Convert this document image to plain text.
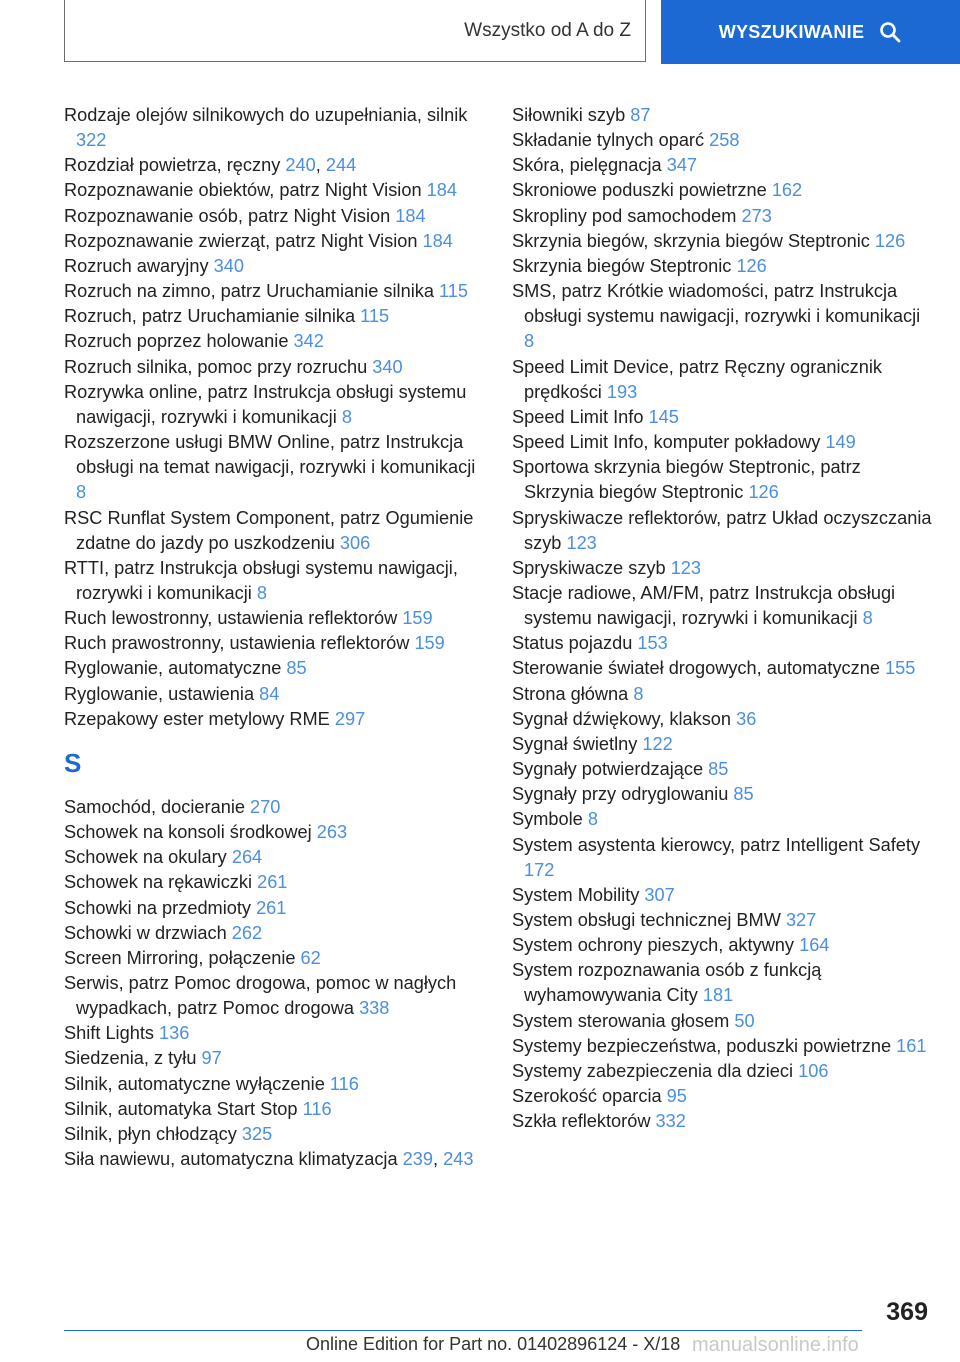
Wszystko od A do Z	WYSZUKIWANIE
Rodzaje olejów silnikowych do uzupełniania, silnik 322
Rozdział powietrza, ręczny 240, 244
Rozpoznawanie obiektów, patrz Night Vision 184
Rozpoznawanie osób, patrz Night Vision 184
Rozpoznawanie zwierząt, patrz Night Vision 184
Rozruch awaryjny 340
Rozruch na zimno, patrz Uruchamianie silnika 115
Rozruch, patrz Uruchamianie silnika 115
Rozruch poprzez holowanie 342
Rozruch silnika, pomoc przy rozruchu 340
Rozrywka online, patrz Instrukcja obsługi systemu nawigacji, rozrywki i komunikacji 8
Rozszerzone usługi BMW Online, patrz Instrukcja obsługi na temat nawigacji, rozrywki i komunikacji 8
RSC Runflat System Component, patrz Ogumienie zdatne do jazdy po uszkodzeniu 306
RTTI, patrz Instrukcja obsługi systemu nawigacji, rozrywki i komunikacji 8
Ruch lewostronny, ustawienia reflektorów 159
Ruch prawostronny, ustawienia reflektorów 159
Ryglowanie, automatyczne 85
Ryglowanie, ustawienia 84
Rzepakowy ester metylowy RME 297
S
Samochód, docieranie 270
Schowek na konsoli środkowej 263
Schowek na okulary 264
Schowek na rękawiczki 261
Schowki na przedmioty 261
Schowki w drzwiach 262
Screen Mirroring, połączenie 62
Serwis, patrz Pomoc drogowa, pomoc w nagłych wypadkach, patrz Pomoc drogowa 338
Shift Lights 136
Siedzenia, z tyłu 97
Silnik, automatyczne wyłączenie 116
Silnik, automatyka Start Stop 116
Silnik, płyn chłodzący 325
Siła nawiewu, automatyczna klimatyzacja 239, 243
Siłowniki szyb 87
Składanie tylnych oparć 258
Skóra, pielęgnacja 347
Skroniowe poduszki powietrzne 162
Skropliny pod samochodem 273
Skrzynia biegów, skrzynia biegów Steptronic 126
Skrzynia biegów Steptronic 126
SMS, patrz Krótkie wiadomości, patrz Instrukcja obsługi systemu nawigacji, rozrywki i komunikacji 8
Speed Limit Device, patrz Ręczny ogranicznik prędkości 193
Speed Limit Info 145
Speed Limit Info, komputer pokładowy 149
Sportowa skrzynia biegów Steptronic, patrz Skrzynia biegów Steptronic 126
Spryskiwacze reflektorów, patrz Układ oczyszczania szyb 123
Spryskiwacze szyb 123
Stacje radiowe, AM/FM, patrz Instrukcja obsługi systemu nawigacji, rozrywki i komunikacji 8
Status pojazdu 153
Sterowanie świateł drogowych, automatyczne 155
Strona główna 8
Sygnał dźwiękowy, klakson 36
Sygnał świetlny 122
Sygnały potwierdzające 85
Sygnały przy odryglowaniu 85
Symbole 8
System asystenta kierowcy, patrz Intelligent Safety 172
System Mobility 307
System obsługi technicznej BMW 327
System ochrony pieszych, aktywny 164
System rozpoznawania osób z funkcją wyhamowywania City 181
System sterowania głosem 50
Systemy bezpieczeństwa, poduszki powietrzne 161
Systemy zabezpieczenia dla dzieci 106
Szerokość oparcia 95
Szkła reflektorów 332
369
Online Edition for Part no. 01402896124 - X/18 manualsonline.info
